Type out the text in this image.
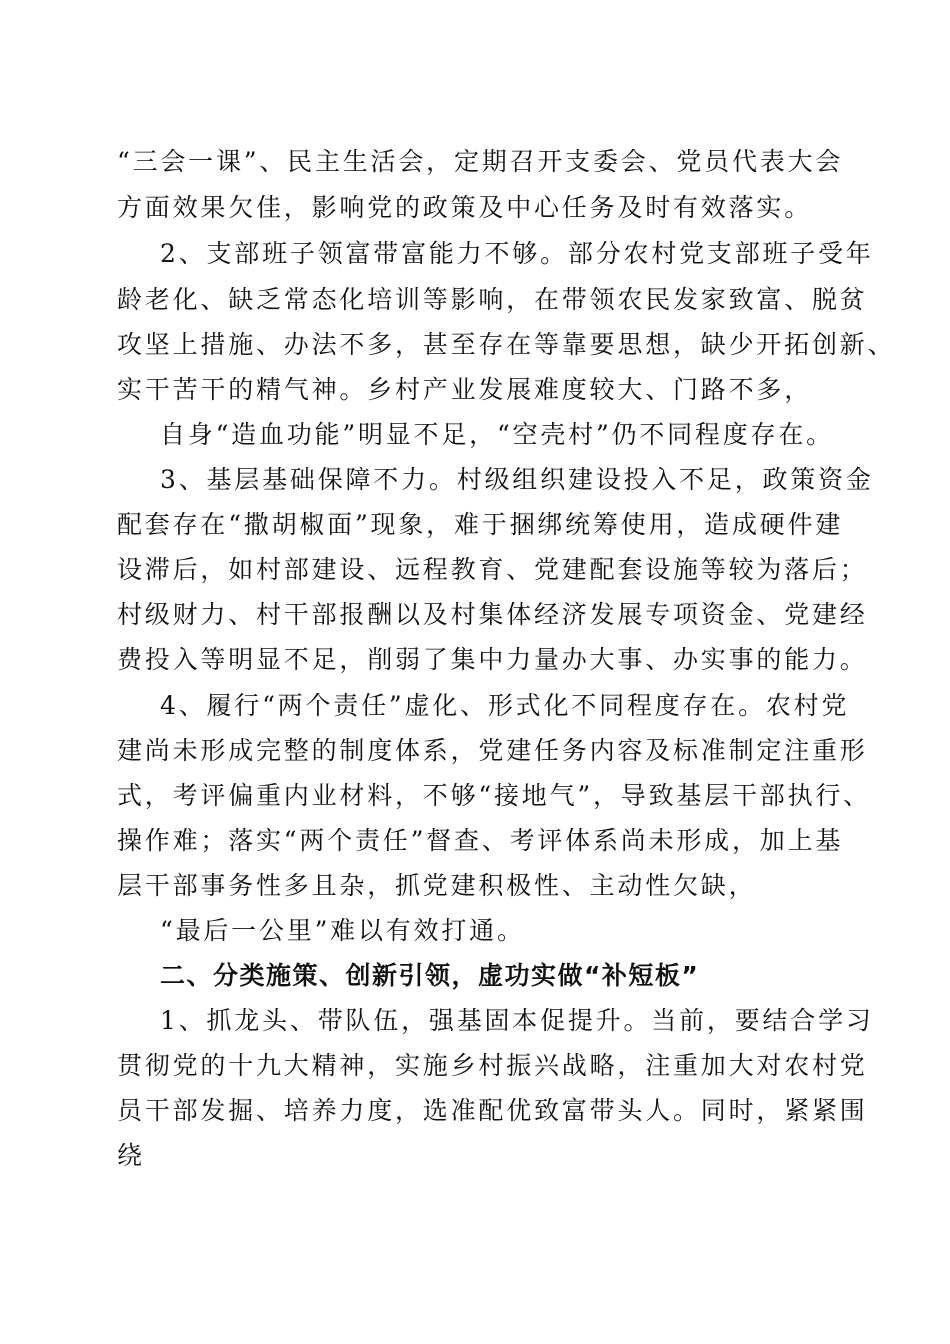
“三会一课”、民主生活会，定期召开支委会、党员代表大会
方面效果欠佳，影响党的政策及中心任务及时有效落实。
2、支部班子领富带富能力不够。部分农村党支部班子受年
龄老化、缺乏常态化培训等影响，在带领农民发家致富、脱贫
攻坚上措施、办法不多，甚至存在等靠要思想，缺少开拓创新、
实干苦干的精气神。乡村产业发展难度较大、门路不多，
自身“造血功能”明显不足，“空壳村”仍不同程度存在。
3、基层基础保障不力。村级组织建设投入不足，政策资金
配套存在“撒胡椒面”现象，难于捆绑统筹使用，造成硬件建
设滞后，如村部建设、远程教育、党建配套设施等较为落后；
村级财力、村干部报酬以及村集体经济发展专项资金、党建经
费投入等明显不足，削弱了集中力量办大事、办实事的能力。
4、履行“两个责任”虚化、形式化不同程度存在。农村党
建尚未形成完整的制度体系，党建任务内容及标准制定注重形
式，考评偏重内业材料，不够“接地气”，导致基层干部执行、
操作难；落实“两个责任”督查、考评体系尚未形成，加上基
层干部事务性多且杂，抓党建积极性、主动性欠缺，
“最后一公里”难以有效打通。
二、分类施策、创新引领，虚功实做“补短板”
1、抓龙头、带队伍，强基固本促提升。当前，要结合学习
贯彻党的十九大精神，实施乡村振兴战略，注重加大对农村党
员干部发掘、培养力度，选准配优致富带头人。同时，紧紧围
绕
